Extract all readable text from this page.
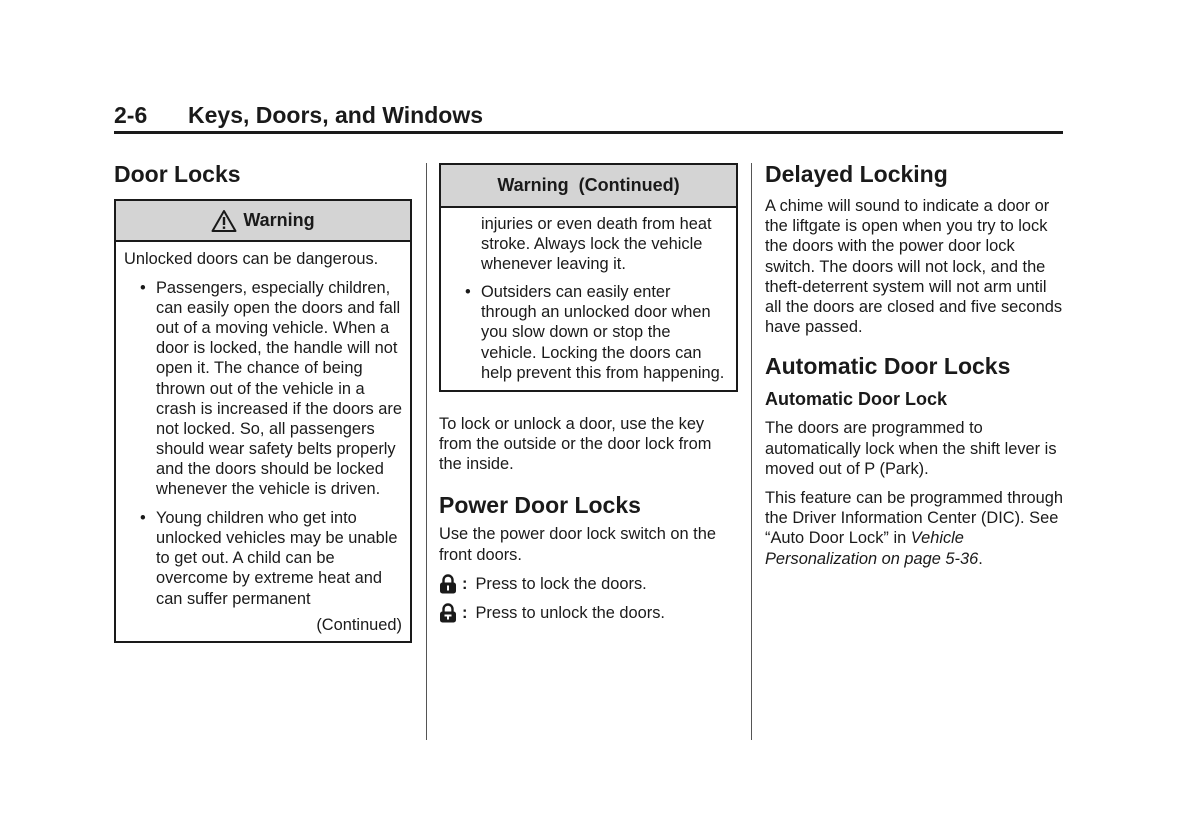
2-6 Keys, Doors, and Windows
Door Locks
Warning

Unlocked doors can be dangerous.

• Passengers, especially children, can easily open the doors and fall out of a moving vehicle. When a door is locked, the handle will not open it. The chance of being thrown out of the vehicle in a crash is increased if the doors are not locked. So, all passengers should wear safety belts properly and the doors should be locked whenever the vehicle is driven.
• Young children who get into unlocked vehicles may be unable to get out. A child can be overcome by extreme heat and can suffer permanent
(Continued)
Warning  (Continued)

injuries or even death from heat stroke. Always lock the vehicle whenever leaving it.

• Outsiders can easily enter through an unlocked door when you slow down or stop the vehicle. Locking the doors can help prevent this from happening.

To lock or unlock a door, use the key from the outside or the door lock from the inside.

Power Door Locks

Use the power door lock switch on the front doors.

: Press to lock the doors.
: Press to unlock the doors.
Delayed Locking

A chime will sound to indicate a door or the liftgate is open when you try to lock the doors with the power door lock switch. The doors will not lock, and the theft-deterrent system will not arm until all the doors are closed and five seconds have passed.

Automatic Door Locks
Automatic Door Lock

The doors are programmed to automatically lock when the shift lever is moved out of P (Park).

This feature can be programmed through the Driver Information Center (DIC). See “Auto Door Lock” in Vehicle Personalization on page 5-36.
